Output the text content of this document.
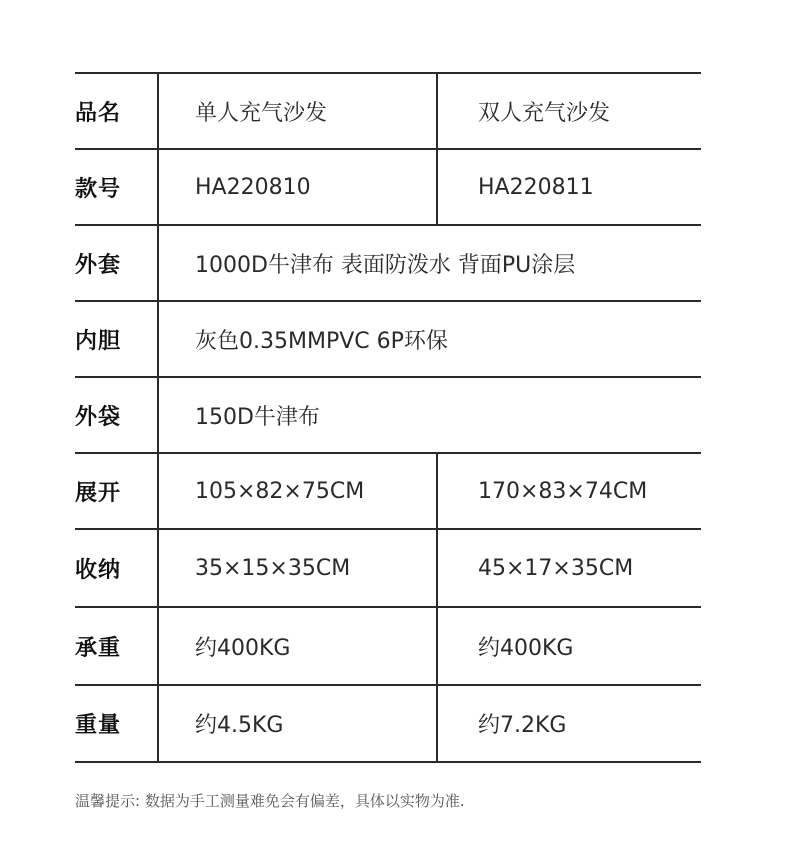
品名	单人充气沙发	双人充气沙发
款号	HA220810	HA220811
外套	1000D牛津布 表面防泼水 背面PU涂层
内胆	灰色0.35MMPVC 6P环保
外袋	150D牛津布
展开	105×82×75CM	170×83×74CM
收纳	35×15×35CM	45×17×35CM
承重	约400KG	约400KG
重量	约4.5KG	约7.2KG
温馨提示: 数据为手工测量难免会有偏差，具体以实物为准.
